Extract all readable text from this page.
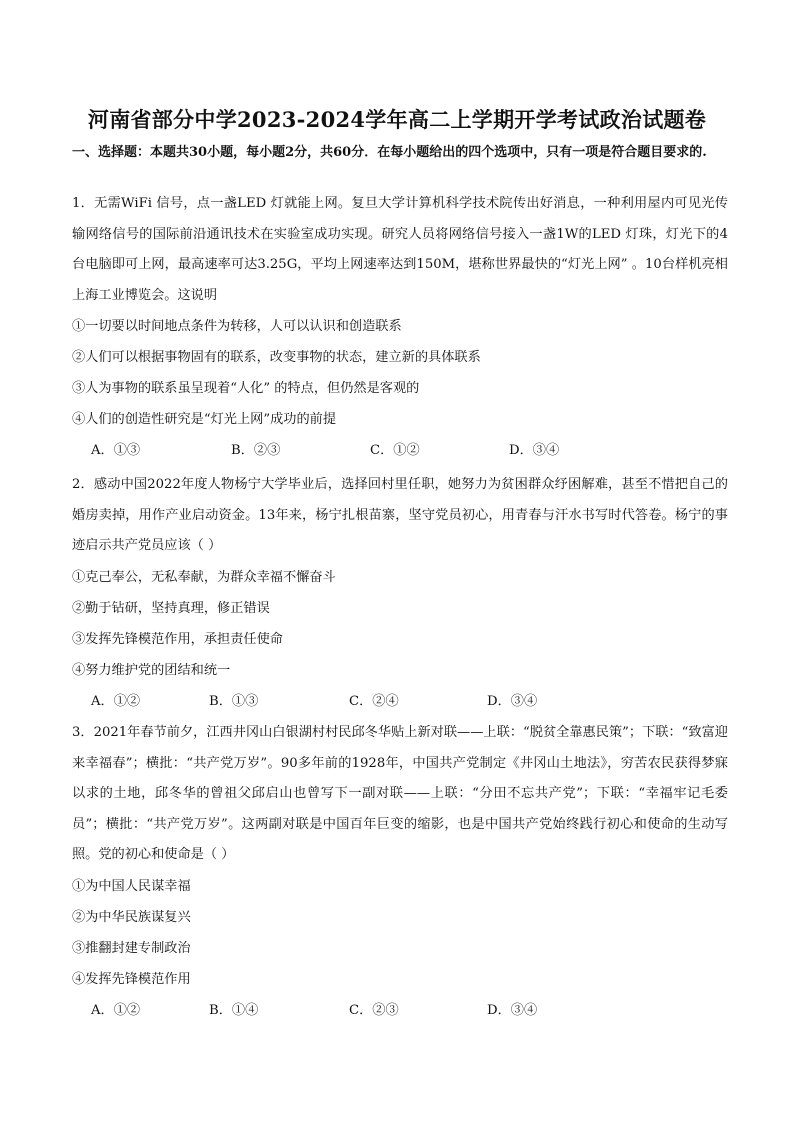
河南省部分中学2023-2024学年高二上学期开学考试政治试题卷
一、选择题：本题共30小题，每小题2分，共60分．在每小题给出的四个选项中，只有一项是符合题目要求的.

1．无需WiFi 信号，点一盏LED 灯就能上网。复旦大学计算机科学技术院传出好消息，一种利用屋内可见光传输网络信号的国际前沿通讯技术在实验室成功实现。研究人员将网络信号接入一盏1W的LED 灯珠，灯光下的4台电脑即可上网，最高速率可达3.25G，平均上网速率达到150M，堪称世界最快的“灯光上网” 。10台样机亮相上海工业博览会。这说明

①一切要以时间地点条件为转移，人可以认识和创造联系

②人们可以根据事物固有的联系，改变事物的状态，建立新的具体联系

③人为事物的联系虽呈现着“人化” 的特点，但仍然是客观的

④人们的创造性研究是“灯光上网”成功的前提

A．①③	B．②③	C．①②	D．③④

2．感动中国2022年度人物杨宁大学毕业后，选择回村里任职，她努力为贫困群众纾困解难，甚至不惜把自己的婚房卖掉，用作产业启动资金。13年来，杨宁扎根苗寨，坚守党员初心，用青春与汗水书写时代答卷。杨宁的事迹启示共产党员应该（ ）

①克己奉公，无私奉献，为群众幸福不懈奋斗

②勤于钻研，坚持真理，修正错误

③发挥先锋模范作用，承担责任使命

④努力维护党的团结和统一

A．①②	B．①③	C．②④	D．③④

3．2021年春节前夕，江西井冈山白银湖村村民邱冬华贴上新对联——上联：“脱贫全靠惠民策”；下联：“致富迎来幸福春”；横批：“共产党万岁”。90多年前的1928年，中国共产党制定《井冈山土地法》，穷苦农民获得梦寐以求的土地，邱冬华的曾祖父邱启山也曾写下一副对联——上联：“分田不忘共产党”；下联：“幸福牢记毛委员”；横批：“共产党万岁”。这两副对联是中国百年巨变的缩影，也是中国共产党始终践行初心和使命的生动写照。党的初心和使命是（ ）

①为中国人民谋幸福

②为中华民族谋复兴

③推翻封建专制政治

④发挥先锋模范作用

A．①②	B．①④	C．②③	D．③④
